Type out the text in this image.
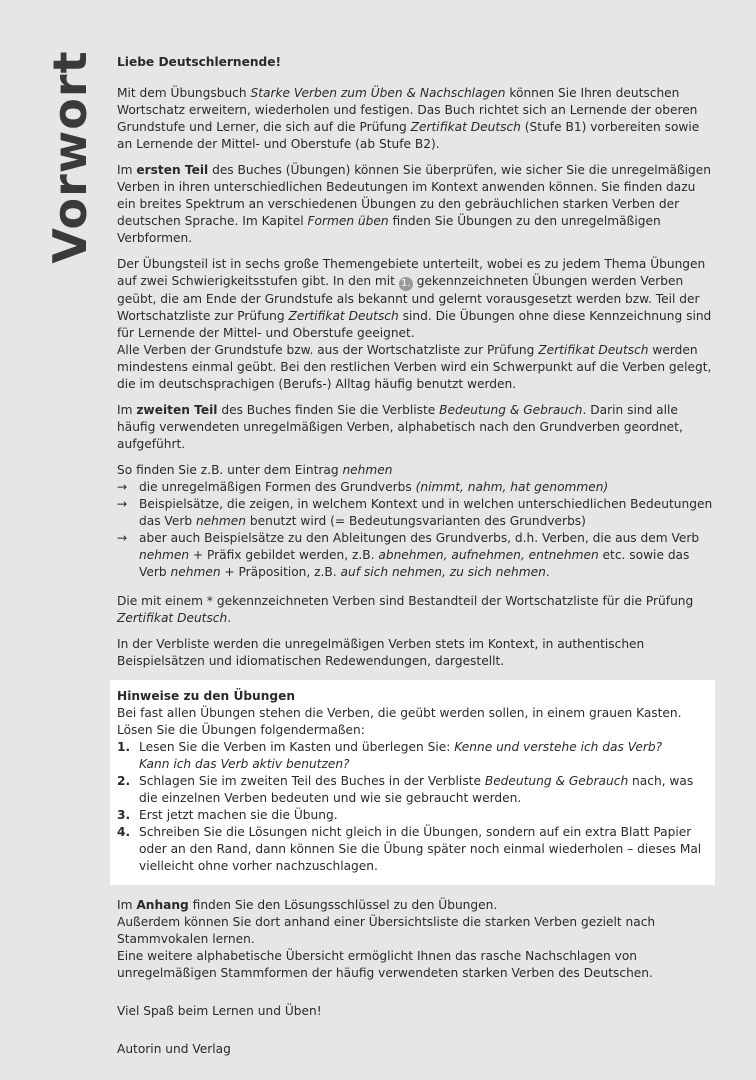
Vorwort Liebe Deutschlernende!

Mit dem Übungsbuch Starke Verben zum Üben & Nachschlagen können Sie Ihren deutschen Wortschatz erweitern, wiederholen und festigen. Das Buch richtet sich an Lernende der oberen Grundstufe und Lerner, die sich auf die Prüfung Zertifikat Deutsch (Stufe B1) vorbereiten sowie an Lernende der Mittel- und Oberstufe (ab Stufe B2).

Im ersten Teil des Buches (Übungen) können Sie überprüfen, wie sicher Sie die unregelmäßigen Verben in ihren unterschiedlichen Bedeutungen im Kontext anwenden können. Sie finden dazu ein breites Spektrum an verschiedenen Übungen zu den gebräuchlichen starken Verben der deutschen Sprache. Im Kapitel Formen üben finden Sie Übungen zu den unregelmäßigen Verbformen.

Der Übungsteil ist in sechs große Themengebiete unterteilt, wobei es zu jedem Thema Übungen auf zwei Schwierigkeitsstufen gibt. In den mit 1. gekennzeichneten Übungen werden Verben geübt, die am Ende der Grundstufe als bekannt und gelernt vorausgesetzt werden bzw. Teil der Wortschatzliste zur Prüfung Zertifikat Deutsch sind. Die Übungen ohne diese Kennzeichnung sind für Lernende der Mittel- und Oberstufe geeignet.
Alle Verben der Grundstufe bzw. aus der Wortschatzliste zur Prüfung Zertifikat Deutsch werden mindestens einmal geübt. Bei den restlichen Verben wird ein Schwerpunkt auf die Verben gelegt, die im deutschsprachigen (Berufs-) Alltag häufig benutzt werden.

Im zweiten Teil des Buches finden Sie die Verbliste Bedeutung & Gebrauch. Darin sind alle häufig verwendeten unregelmäßigen Verben, alphabetisch nach den Grundverben geordnet, aufgeführt.

So finden Sie z.B. unter dem Eintrag nehmen

→ die unregelmäßigen Formen des Grundverbs (nimmt, nahm, hat genommen)
→ Beispielsätze, die zeigen, in welchem Kontext und in welchen unterschiedlichen Bedeutungen das Verb nehmen benutzt wird (= Bedeutungsvarianten des Grundverbs)
→ aber auch Beispielsätze zu den Ableitungen des Grundverbs, d.h. Verben, die aus dem Verb nehmen + Präfix gebildet werden, z.B. abnehmen, aufnehmen, entnehmen etc. sowie das Verb nehmen + Präposition, z.B. auf sich nehmen, zu sich nehmen.

Die mit einem * gekennzeichneten Verben sind Bestandteil der Wortschatzliste für die Prüfung Zertifikat Deutsch.

In der Verbliste werden die unregelmäßigen Verben stets im Kontext, in authentischen Beispielsätzen und idiomatischen Redewendungen, dargestellt.

Hinweise zu den Übungen

Bei fast allen Übungen stehen die Verben, die geübt werden sollen, in einem grauen Kasten.
Lösen Sie die Übungen folgendermaßen:
1. Lesen Sie die Verben im Kasten und überlegen Sie: Kenne und verstehe ich das Verb?
Kann ich das Verb aktiv benutzen?
2. Schlagen Sie im zweiten Teil des Buches in der Verbliste Bedeutung & Gebrauch nach, was die einzelnen Verben bedeuten und wie sie gebraucht werden.
3. Erst jetzt machen sie die Übung.
4. Schreiben Sie die Lösungen nicht gleich in die Übungen, sondern auf ein extra Blatt Papier oder an den Rand, dann können Sie die Übung später noch einmal wiederholen – dieses Mal vielleicht ohne vorher nachzuschlagen.

Im Anhang finden Sie den Lösungsschlüssel zu den Übungen.
Außerdem können Sie dort anhand einer Übersichtsliste die starken Verben gezielt nach Stammvokalen lernen.
Eine weitere alphabetische Übersicht ermöglicht Ihnen das rasche Nachschlagen von unregelmäßigen Stammformen der häufig verwendeten starken Verben des Deutschen.

Viel Spaß beim Lernen und Üben!

Autorin und Verlag
